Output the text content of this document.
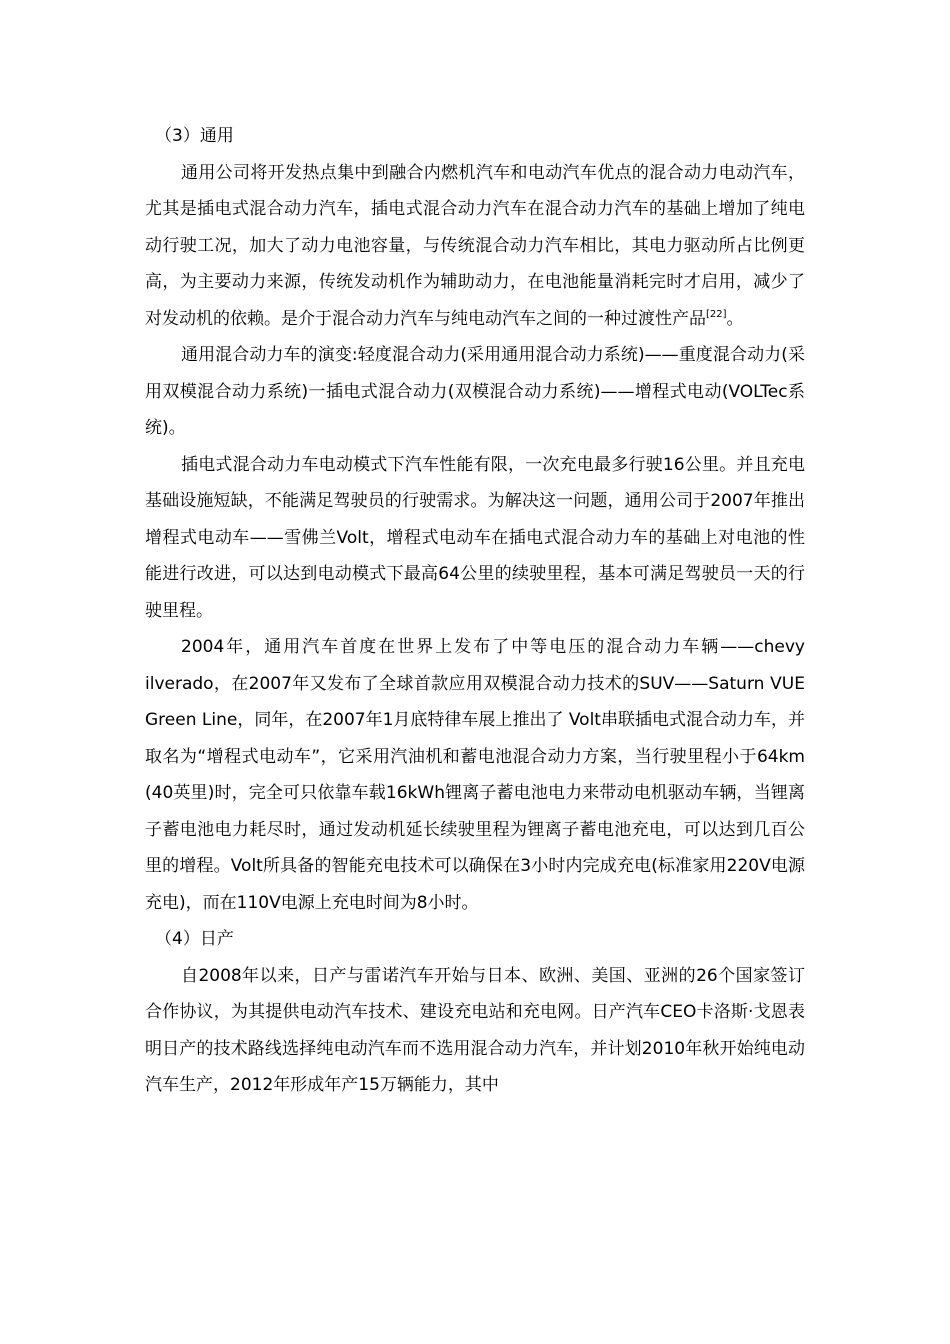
（3）通用

通用公司将开发热点集中到融合内燃机汽车和电动汽车优点的混合动力电动汽车，尤其是插电式混合动力汽车，插电式混合动力汽车在混合动力汽车的基础上增加了纯电动行驶工况，加大了动力电池容量，与传统混合动力汽车相比，其电力驱动所占比例更高，为主要动力来源，传统发动机作为辅助动力，在电池能量消耗完时才启用，减少了对发动机的依赖。是介于混合动力汽车与纯电动汽车之间的一种过渡性产品[22]。

通用混合动力车的演变:轻度混合动力(采用通用混合动力系统)——重度混合动力(采用双模混合动力系统)一插电式混合动力(双模混合动力系统)——增程式电动(VOLTec系统)。

插电式混合动力车电动模式下汽车性能有限，一次充电最多行驶16公里。并且充电基础设施短缺，不能满足驾驶员的行驶需求。为解决这一问题，通用公司于2007年推出增程式电动车——雪佛兰Volt，增程式电动车在插电式混合动力车的基础上对电池的性能进行改进，可以达到电动模式下最高64公里的续驶里程，基本可满足驾驶员一天的行驶里程。

2004年，通用汽车首度在世界上发布了中等电压的混合动力车辆——chevy ilverado，在2007年又发布了全球首款应用双模混合动力技术的SUV——Saturn VUE Green Line，同年，在2007年1月底特律车展上推出了 Volt串联插电式混合动力车，并取名为“增程式电动车”，它采用汽油机和蓄电池混合动力方案，当行驶里程小于64km (40英里)时，完全可只依靠车载16kWh锂离子蓄电池电力来带动电机驱动车辆，当锂离子蓄电池电力耗尽时，通过发动机延长续驶里程为锂离子蓄电池充电，可以达到几百公里的增程。Volt所具备的智能充电技术可以确保在3小时内完成充电(标准家用220V电源充电)，而在110V电源上充电时间为8小时。

（4）日产

自2008年以来，日产与雷诺汽车开始与日本、欧洲、美国、亚洲的26个国家签订合作协议，为其提供电动汽车技术、建设充电站和充电网。日产汽车CEO卡洛斯·戈恩表明日产的技术路线选择纯电动汽车而不选用混合动力汽车，并计划2010年秋开始纯电动汽车生产，2012年形成年产15万辆能力，其中
